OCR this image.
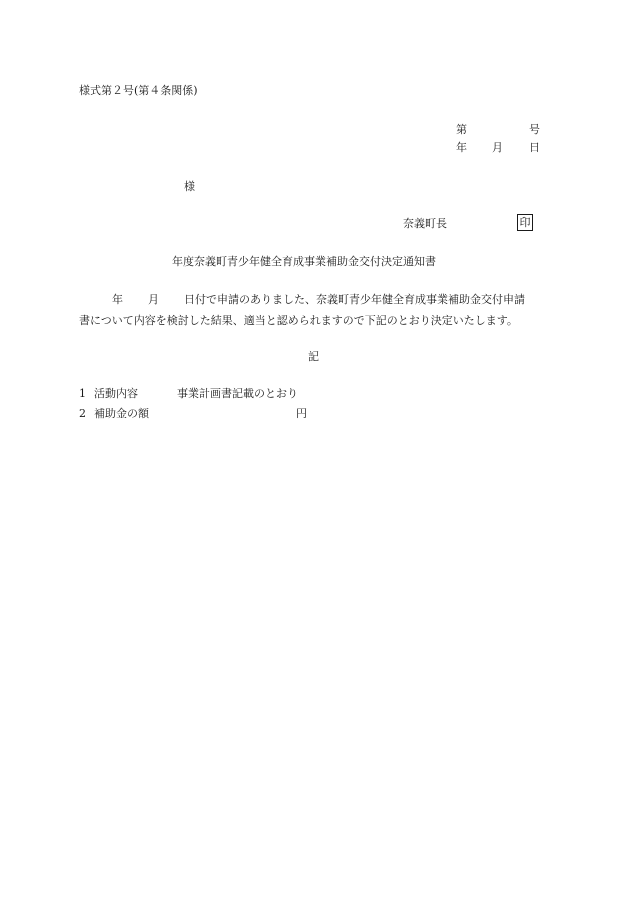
様式第２号(第４条関係)
第	号
年 月 日
様
奈義町長	印
年度奈義町青少年健全育成事業補助金交付決定通知書
年 月 日付で申請のありました、奈義町青少年健全育成事業補助金交付申請
書について内容を検討した結果、適当と認められますので下記のとおり決定いたします。
記
1 活動内容	事業計画書記載のとおり
2 補助金の額	円
